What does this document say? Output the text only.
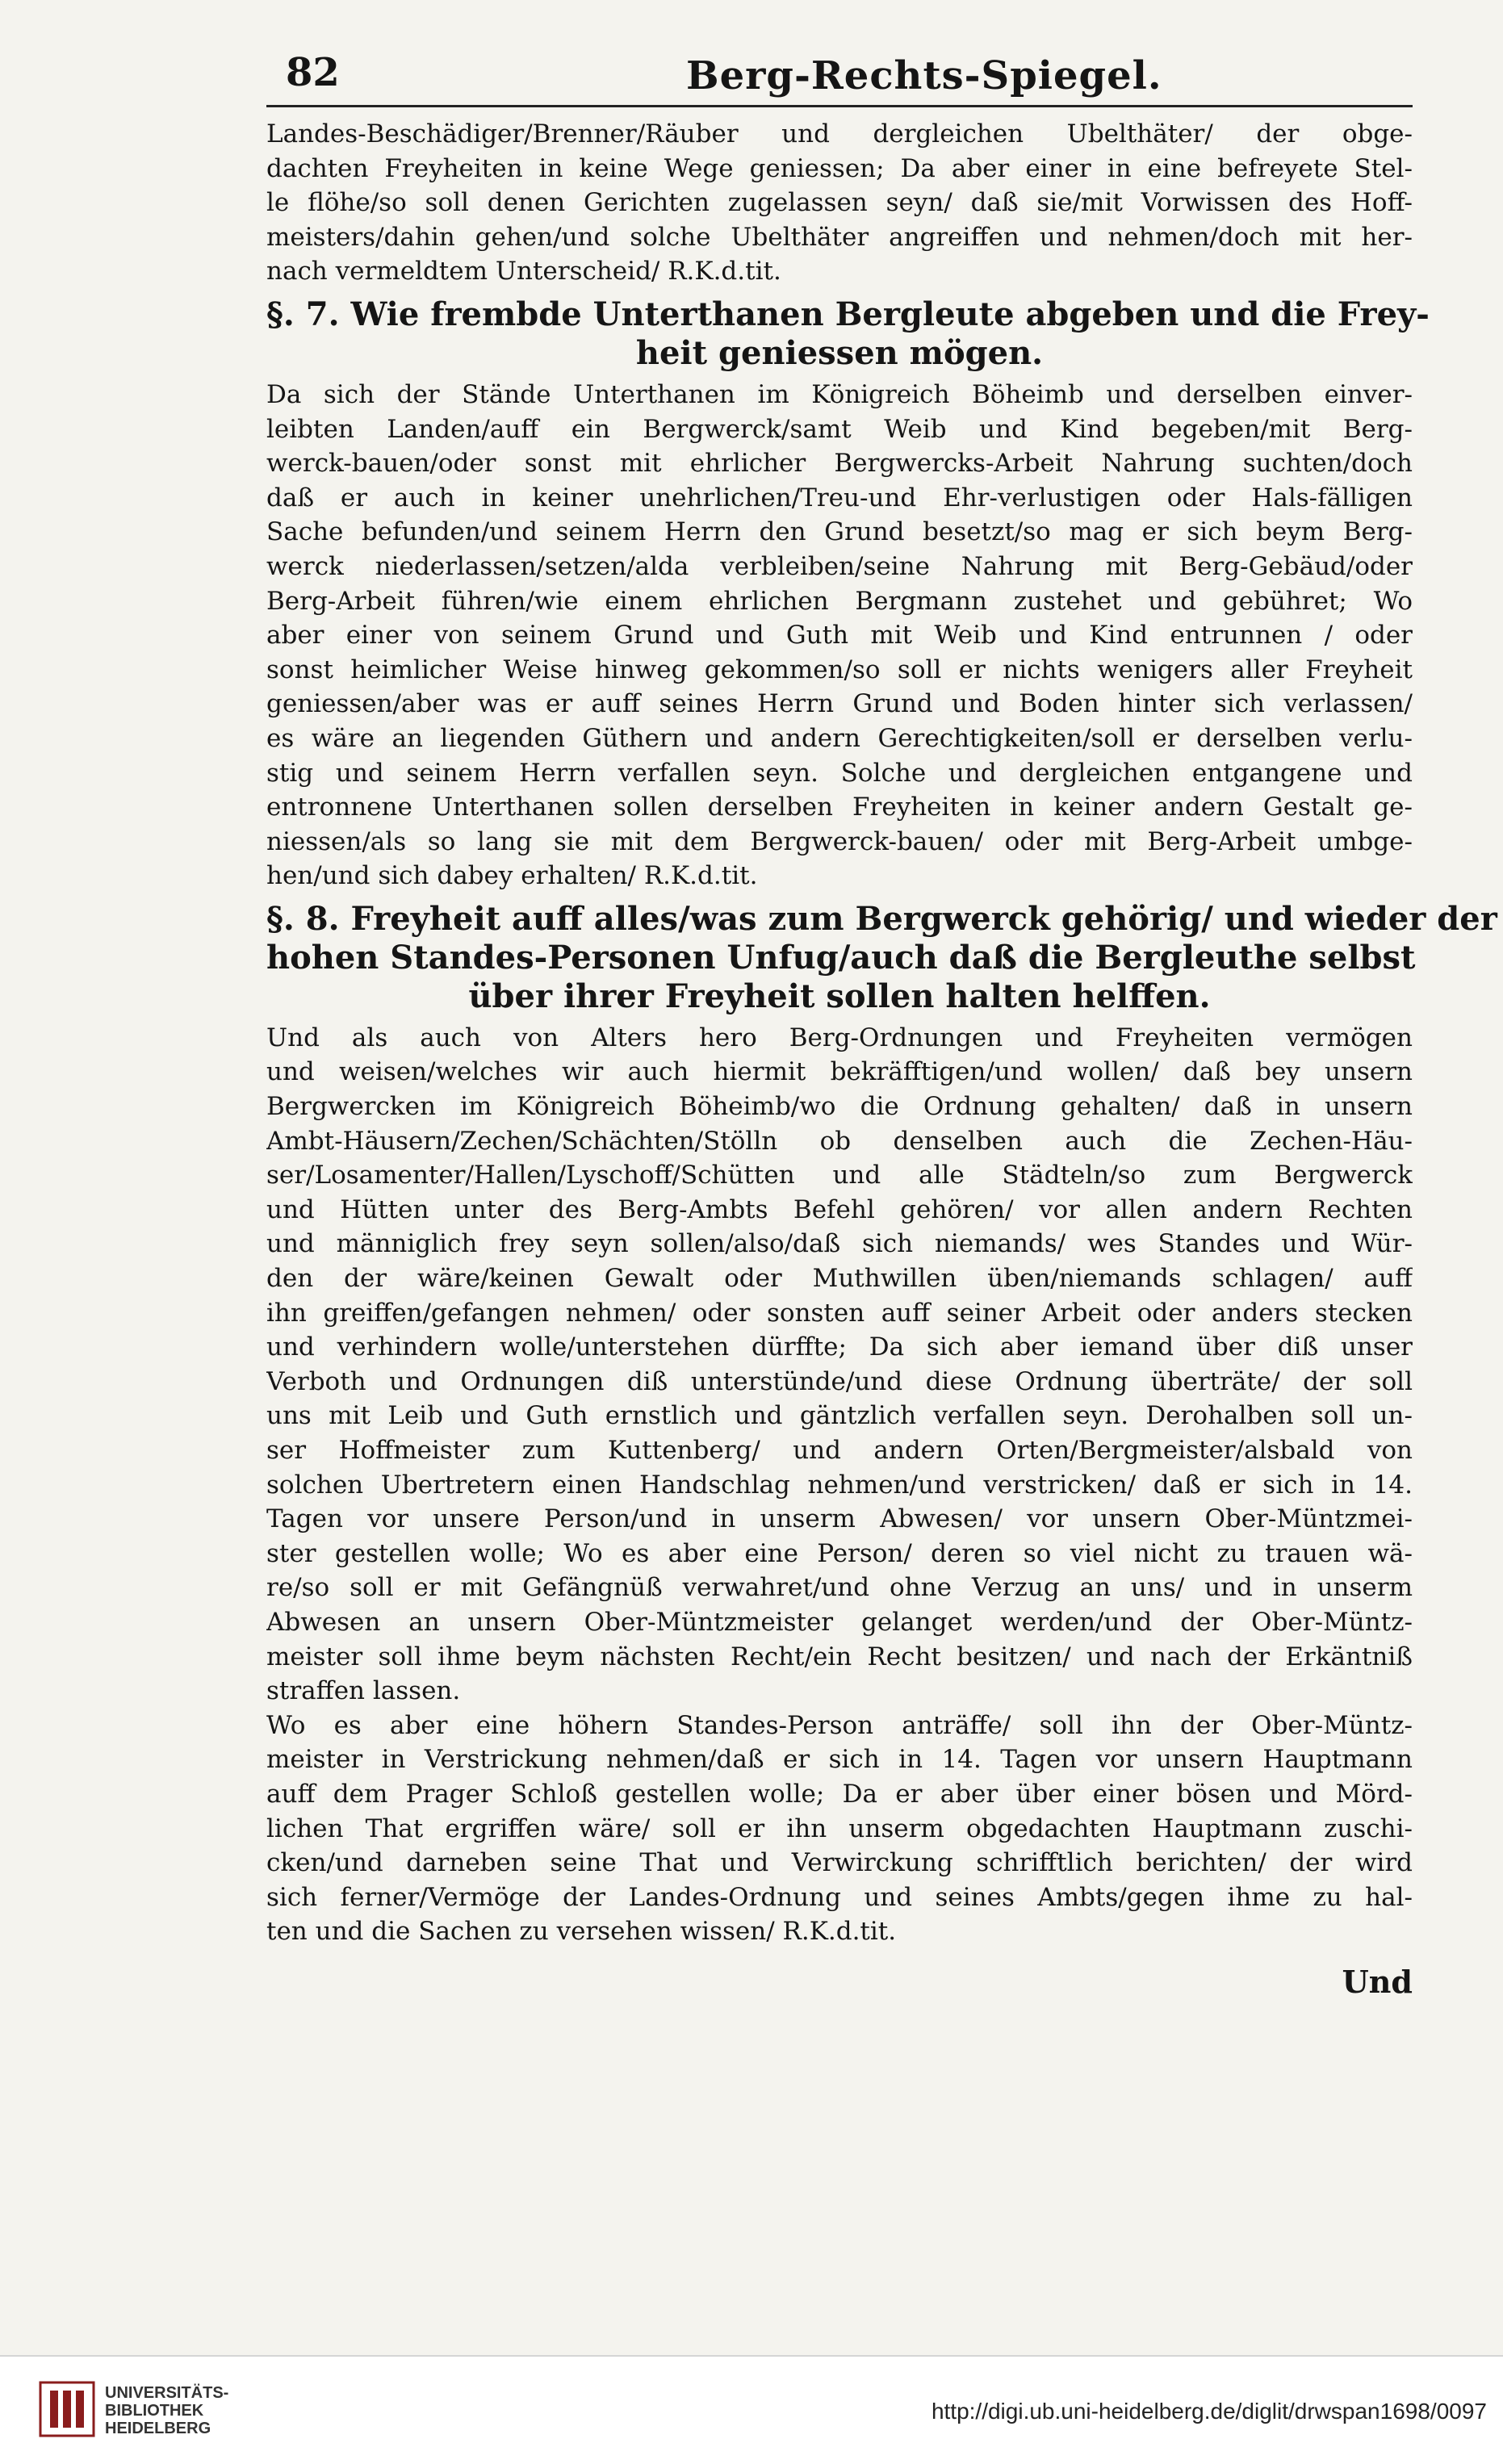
82	Berg-Rechts-Spiegel.
Landes-Beschädiger/Brenner/Räuber und dergleichen Ubelthäter/ der obge-
dachten Freyheiten in keine Wege geniessen; Da aber einer in eine befreyete Stel-
le flöhe/so soll denen Gerichten zugelassen seyn/ daß sie/mit Vorwissen des Hoff-
meisters/dahin gehen/und solche Ubelthäter angreiffen und nehmen/doch mit her-
nach vermeldtem Unterscheid/ R.K.d.tit.
§. 7. Wie frembde Unterthanen Bergleute abgeben und die Frey-
heit geniessen mögen.
Da sich der Stände Unterthanen im Königreich Böheimb und derselben einver-
leibten Landen/auff ein Bergwerck/samt Weib und Kind begeben/mit Berg-
werck-bauen/oder sonst mit ehrlicher Bergwercks-Arbeit Nahrung suchten/doch
daß er auch in keiner unehrlichen/Treu-und Ehr-verlustigen oder Hals-fälligen
Sache befunden/und seinem Herrn den Grund besetzt/so mag er sich beym Berg-
werck niederlassen/setzen/alda verbleiben/seine Nahrung mit Berg-Gebäud/oder
Berg-Arbeit führen/wie einem ehrlichen Bergmann zustehet und gebühret; Wo
aber einer von seinem Grund und Guth mit Weib und Kind entrunnen / oder
sonst heimlicher Weise hinweg gekommen/so soll er nichts wenigers aller Freyheit
geniessen/aber was er auff seines Herrn Grund und Boden hinter sich verlassen/
es wäre an liegenden Güthern und andern Gerechtigkeiten/soll er derselben verlu-
stig und seinem Herrn verfallen seyn. Solche und dergleichen entgangene und
entronnene Unterthanen sollen derselben Freyheiten in keiner andern Gestalt ge-
niessen/als so lang sie mit dem Bergwerck-bauen/ oder mit Berg-Arbeit umbge-
hen/und sich dabey erhalten/ R.K.d.tit.
§. 8. Freyheit auff alles/was zum Bergwerck gehörig/ und wieder der
hohen Standes-Personen Unfug/auch daß die Bergleuthe selbst
über ihrer Freyheit sollen halten helffen.
Und als auch von Alters hero Berg-Ordnungen und Freyheiten vermögen
und weisen/welches wir auch hiermit bekräfftigen/und wollen/ daß bey unsern
Bergwercken im Königreich Böheimb/wo die Ordnung gehalten/ daß in unsern
Ambt-Häusern/Zechen/Schächten/Stölln ob denselben auch die Zechen-Häu-
ser/Losamenter/Hallen/Lyschoff/Schütten und alle Städteln/so zum Bergwerck
und Hütten unter des Berg-Ambts Befehl gehören/ vor allen andern Rechten
und männiglich frey seyn sollen/also/daß sich niemands/ wes Standes und Wür-
den der wäre/keinen Gewalt oder Muthwillen üben/niemands schlagen/ auff
ihn greiffen/gefangen nehmen/ oder sonsten auff seiner Arbeit oder anders stecken
und verhindern wolle/unterstehen dürffte; Da sich aber iemand über diß unser
Verboth und Ordnungen diß unterstünde/und diese Ordnung überträte/ der soll
uns mit Leib und Guth ernstlich und gäntzlich verfallen seyn. Derohalben soll un-
ser Hoffmeister zum Kuttenberg/ und andern Orten/Bergmeister/alsbald von
solchen Ubertretern einen Handschlag nehmen/und verstricken/ daß er sich in 14.
Tagen vor unsere Person/und in unserm Abwesen/ vor unsern Ober-Müntzmei-
ster gestellen wolle; Wo es aber eine Person/ deren so viel nicht zu trauen wä-
re/so soll er mit Gefängnüß verwahret/und ohne Verzug an uns/ und in unserm
Abwesen an unsern Ober-Müntzmeister gelanget werden/und der Ober-Müntz-
meister soll ihme beym nächsten Recht/ein Recht besitzen/ und nach der Erkäntniß
straffen lassen.
Wo es aber eine höhern Standes-Person anträffe/ soll ihn der Ober-Müntz-
meister in Verstrickung nehmen/daß er sich in 14. Tagen vor unsern Hauptmann
auff dem Prager Schloß gestellen wolle; Da er aber über einer bösen und Mörd-
lichen That ergriffen wäre/ soll er ihn unserm obgedachten Hauptmann zuschi-
cken/und darneben seine That und Verwirckung schrifftlich berichten/ der wird
sich ferner/Vermöge der Landes-Ordnung und seines Ambts/gegen ihme zu hal-
ten und die Sachen zu versehen wissen/ R.K.d.tit.
Und
UNIVERSITÄTS-
BIBLIOTHEK
HEIDELBERG
http://digi.ub.uni-heidelberg.de/diglit/drwspan1698/0097
